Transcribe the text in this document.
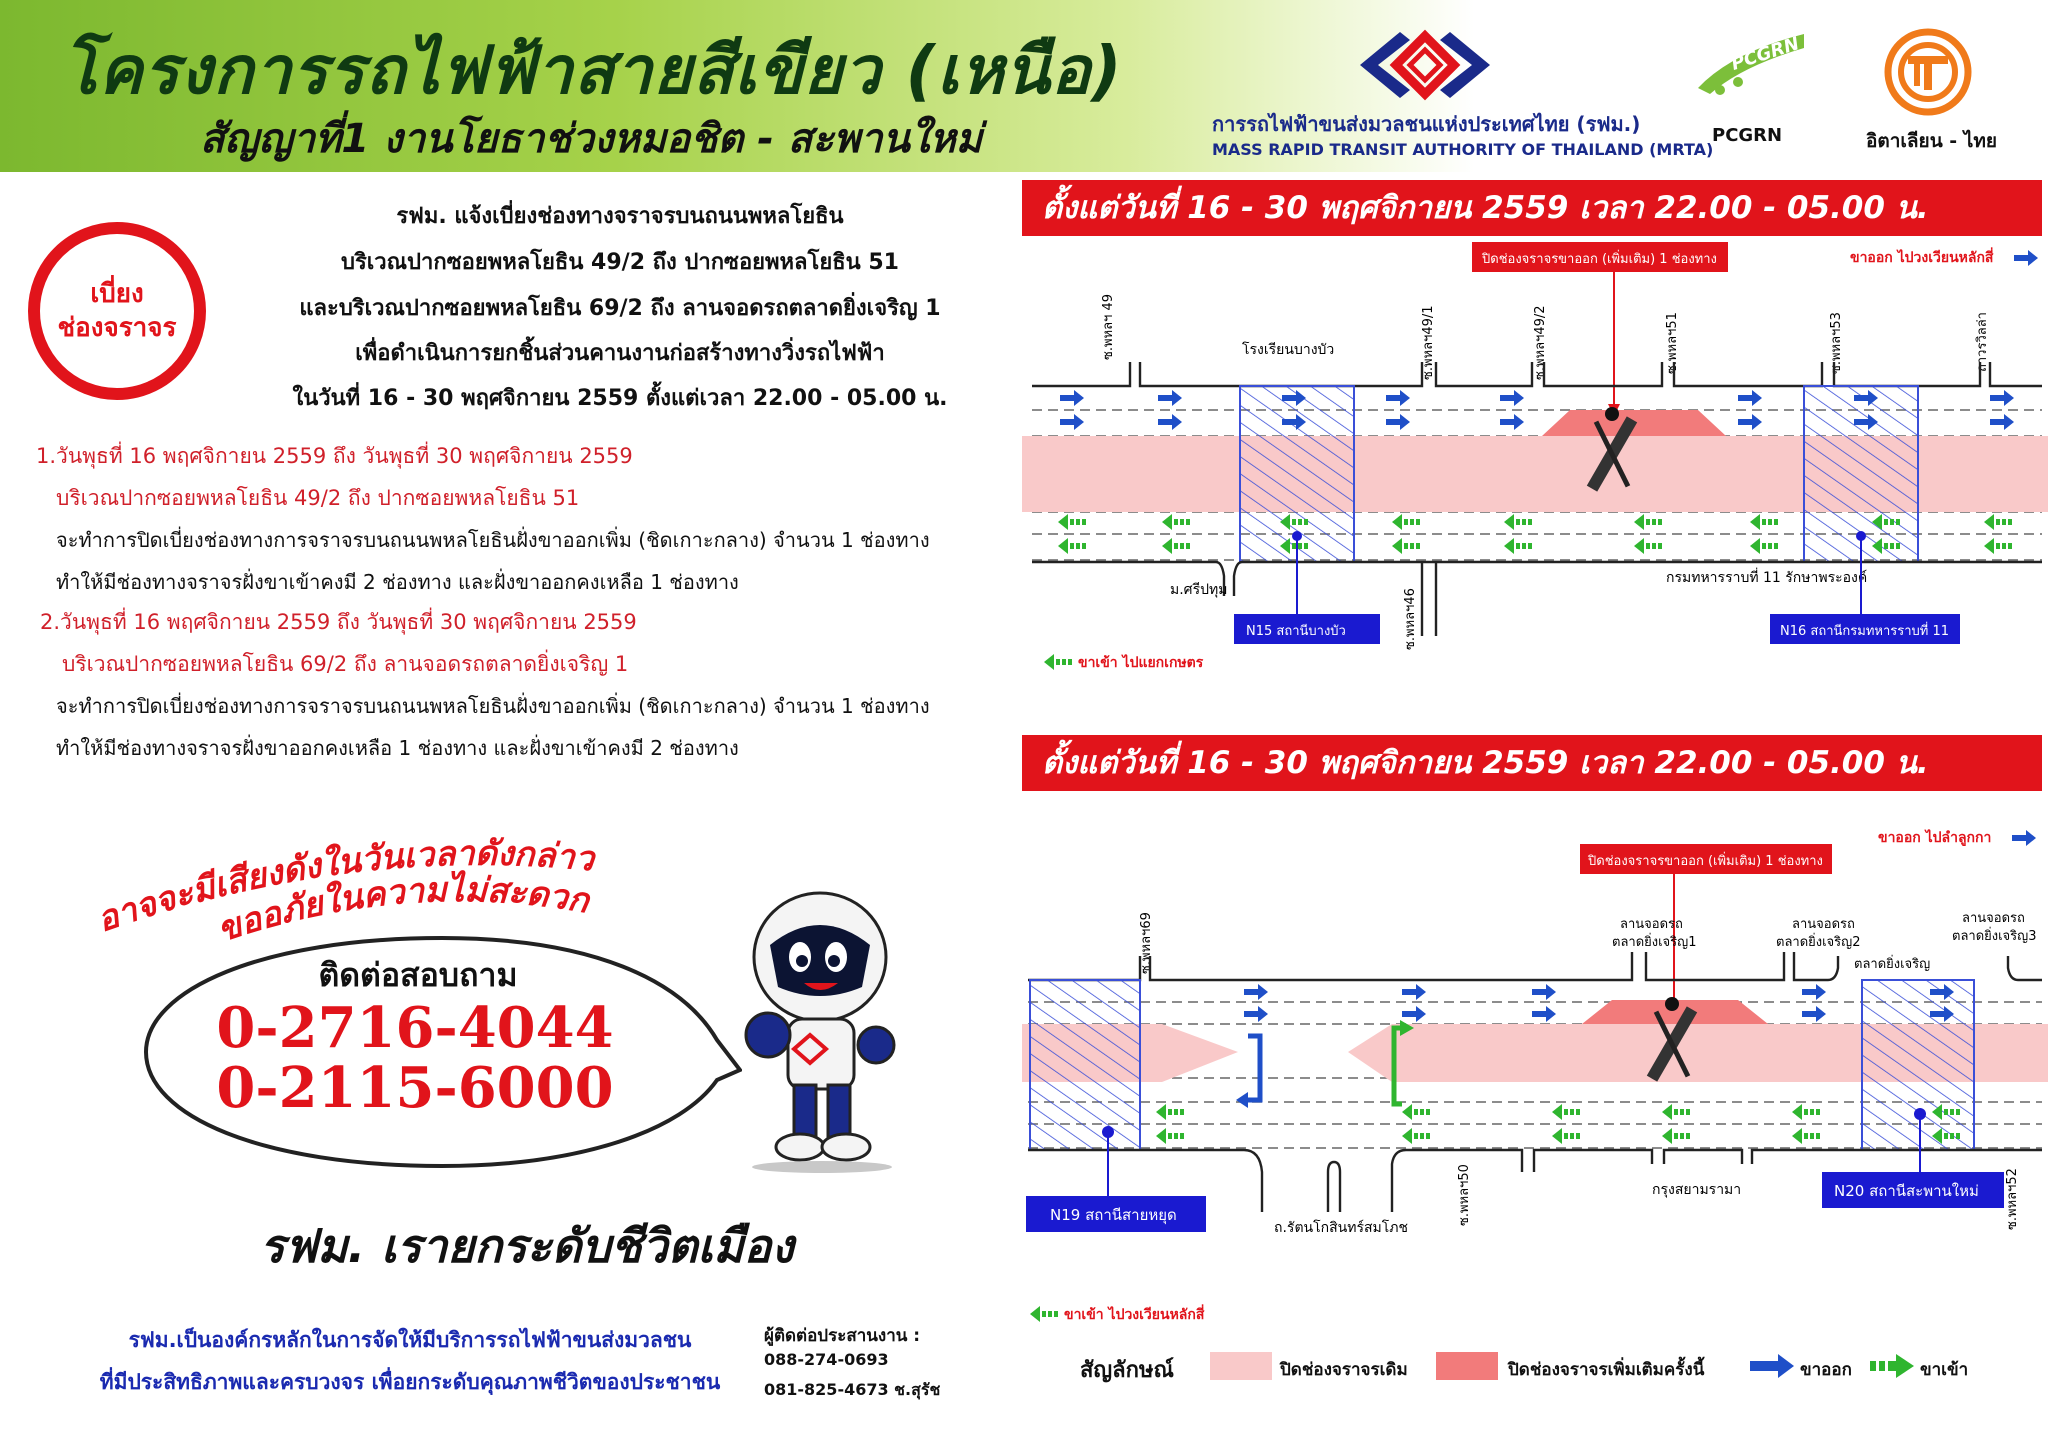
โครงการรถไฟฟ้าสายสีเขียว (เหนือ)
สัญญาที่1 งานโยธาช่วงหมอชิต - สะพานใหม่	การรถไฟฟ้าขนส่งมวลชนแห่งประเทศไทย (รฟม.)
MASS RAPID TRANSIT AUTHORITY OF THAILAND (MRTA)
PCGRN
PCGRN	อิตาเลียน - ไทย
เบี่ยง
ช่องจราจร
รฟม. แจ้งเบี่ยงช่องทางจราจรบนถนนพหลโยธิน
บริเวณปากซอยพหลโยธิน 49/2 ถึง ปากซอยพหลโยธิน 51
และบริเวณปากซอยพหลโยธิน 69/2 ถึง ลานจอดรถตลาดยิ่งเจริญ 1
เพื่อดำเนินการยกชิ้นส่วนคานงานก่อสร้างทางวิ่งรถไฟฟ้า
ในวันที่ 16 - 30 พฤศจิกายน 2559 ตั้งแต่เวลา 22.00 - 05.00 น.
1.วันพุธที่ 16 พฤศจิกายน 2559 ถึง วันพุธที่ 30 พฤศจิกายน 2559
บริเวณปากซอยพหลโยธิน 49/2 ถึง ปากซอยพหลโยธิน 51
จะทำการปิดเบี่ยงช่องทางการจราจรบนถนนพหลโยธินฝั่งขาออกเพิ่ม (ชิดเกาะกลาง) จำนวน 1 ช่องทาง
ทำให้มีช่องทางจราจรฝั่งขาเข้าคงมี 2 ช่องทาง และฝั่งขาออกคงเหลือ 1 ช่องทาง
2.วันพุธที่ 16 พฤศจิกายน 2559 ถึง วันพุธที่ 30 พฤศจิกายน 2559
บริเวณปากซอยพหลโยธิน 69/2 ถึง ลานจอดรถตลาดยิ่งเจริญ 1
จะทำการปิดเบี่ยงช่องทางการจราจรบนถนนพหลโยธินฝั่งขาออกเพิ่ม (ชิดเกาะกลาง) จำนวน 1 ช่องทาง
ทำให้มีช่องทางจราจรฝั่งขาออกคงเหลือ 1 ช่องทาง และฝั่งขาเข้าคงมี 2 ช่องทาง
อาจจะมีเสียงดังในวันเวลาดังกล่าว
ขออภัยในความไม่สะดวก
ติดต่อสอบถาม
0-2716-4044
0-2115-6000
รฟม. เรายกระดับชีวิตเมือง
รฟม.เป็นองค์กรหลักในการจัดให้มีบริการรถไฟฟ้าขนส่งมวลชน
ที่มีประสิทธิภาพและครบวงจร เพื่อยกระดับคุณภาพชีวิตของประชาชน
ผู้ติดต่อประสานงาน :
088-274-0693
081-825-4673 ช.สุรัช
ตั้งแต่วันที่ 16 - 30 พฤศจิกายน 2559 เวลา 22.00 - 05.00 น.
ปิดช่องจราจรขาออก (เพิ่มเติม) 1 ช่องทาง	ขาออก ไปวงเวียนหลักสี่
ซ.พหลฯ 49	ซ.พหลฯ49/1	ซ.พหลฯ49/2	ซ.พหลฯ51	ซ.พหลฯ53	ถาวรวิลล่า
โรงเรียนบางบัว
ม.ศรีปทุม	ซ.พหลฯ46
กรมทหารราบที่ 11 รักษาพระองค์
N15 สถานีบางบัว	N16 สถานีกรมทหารราบที่ 11
ขาเข้า ไปแยกเกษตร
ตั้งแต่วันที่ 16 - 30 พฤศจิกายน 2559 เวลา 22.00 - 05.00 น.
ปิดช่องจราจรขาออก (เพิ่มเติม) 1 ช่องทาง
ขาออก ไปลำลูกกา
ซ.พหลฯ69	ลานจอดรถ
ตลาดยิ่งเจริญ1
ลานจอดรถ
ตลาดยิ่งเจริญ2
ตลาดยิ่งเจริญ
ลานจอดรถ
ตลาดยิ่งเจริญ3
ถ.รัตนโกสินทร์สมโภช
ซ.พหลฯ50	กรุงสยามรามา	ซ.พหลฯ52
N19 สถานีสายหยุด
N20 สถานีสะพานใหม่
ขาเข้า ไปวงเวียนหลักสี่
สัญลักษณ์	ปิดช่องจราจรเดิม	ปิดช่องจราจรเพิ่มเติมครั้งนี้	ขาออก	ขาเข้า
